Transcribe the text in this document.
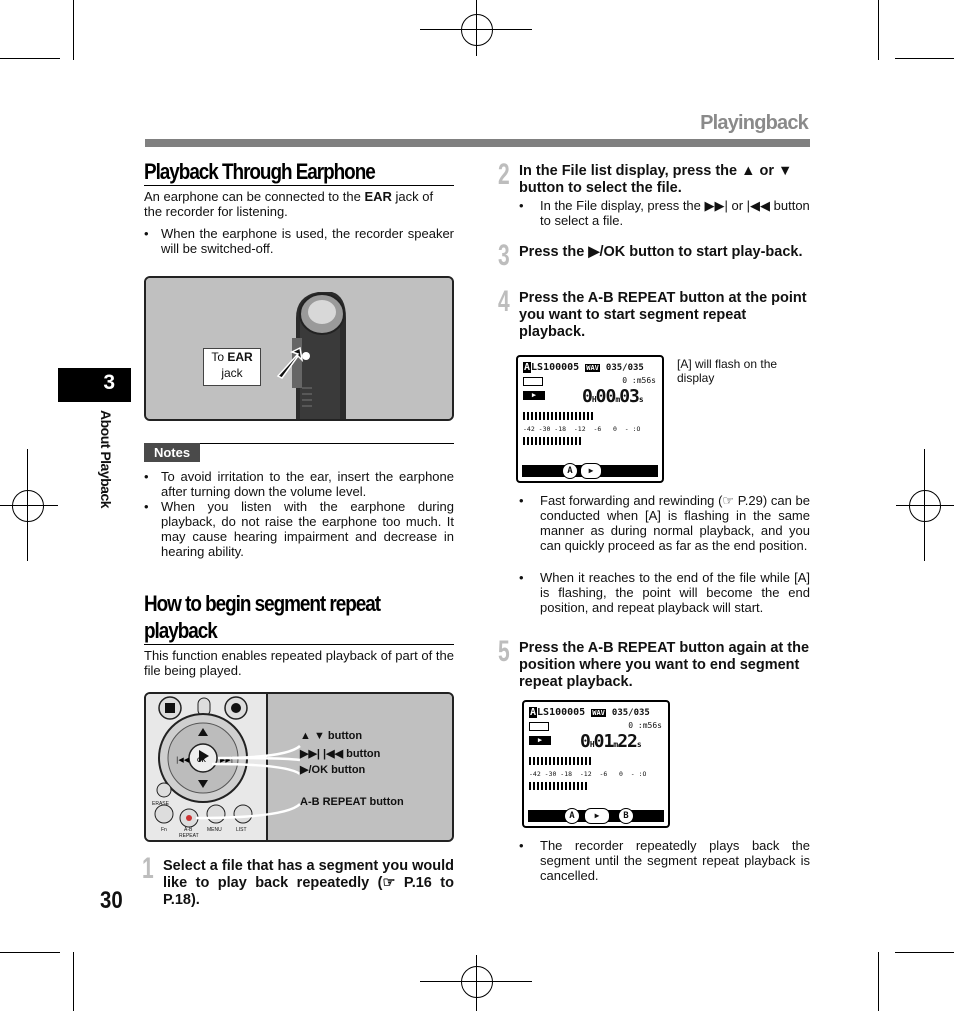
Playingback
3
About Playback
30
Playback Through Earphone
An earphone can be connected to the EAR jack of the recorder for listening.
• When the earphone is used, the recorder speaker will be switched-off.
To EAR
jack
Notes
• To avoid irritation to the ear, insert the earphone after turning down the volume level.
• When you listen with the earphone during playback, do not raise the earphone too much. It may cause hearing impairment and decrease in hearing ability.
How to begin segment repeat
playback
This function enables repeated playback of part of the file being played.
|◀◀	▶▶|
OK
ERASE
Fn	A-B
REPEAT
MENU	LIST
▲ ▼ button
▶▶| |◀◀ button
▶/OK button
A-B REPEAT button
1 Select a file that has a segment you would like to play back repeatedly (☞ P.16 to P.18).
2 In the File list display, press the ▲ or ▼ button to select the file.
• In the File display, press the ▶▶| or |◀◀ button to select a file.
3 Press the ▶/OK button to start play-back.
4 Press the A-B REPEAT button at the point you want to start segment repeat playback.
ALS100005 WAV 035/035
0 :m56s
▶	0H00m03s
-42 -30 -18  -12  -6   0  - :O
A	▶
[A] will flash on the display
• Fast forwarding and rewinding (☞ P.29) can be conducted when [A] is flashing in the same manner as during normal playback, and you can quickly proceed as far as the end position.
• When it reaches to the end of the file while [A] is flashing, the point will become the end position, and repeat playback will start.
5 Press the A-B REPEAT button again at the position where you want to end segment repeat playback.
ALS100005 WAV 035/035
0 :m56s
▶	0H01m22s
-42 -30 -18  -12  -6   0  - :O
A	▶	B
• The recorder repeatedly plays back the segment until the segment repeat playback is cancelled.
